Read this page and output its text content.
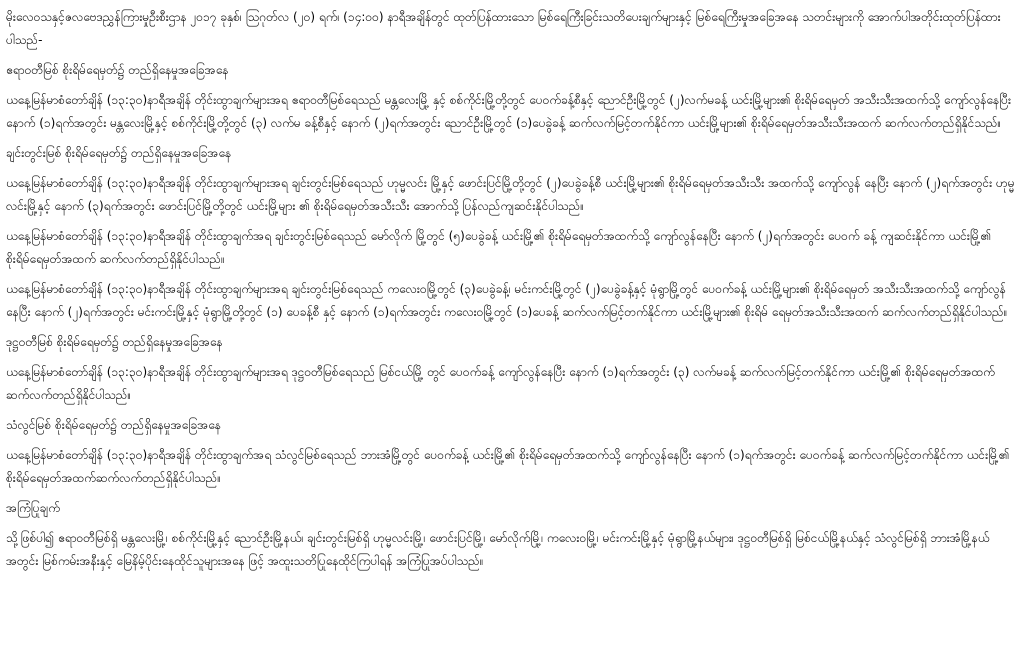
မိုးလေဝသနှင့်ဇလဗေဒညွှန်ကြားမှုဦးစီးဌာန ၂၀၁၇ ခုနှစ်၊ ဩဂုတ်လ (၂၀) ရက်၊ (၁၄:၀၀) နာရီအချိန်တွင် ထုတ်ပြန်ထားသော မြစ်ရေကြီးခြင်းသတိပေးချက်များနှင့် မြစ်ရေကြီးမှုအခြေအနေ သတင်းများကို အောက်ပါအတိုင်းထုတ်ပြန်ထားပါသည်-

ဧရာဝတီမြစ် စိုးရိမ်ရေမှတ်၌ တည်ရှိနေမှုအခြေအနေ

ယနေ့မြန်မာစံတော်ချိန် (၁၃:၃၀)နာရီအချိန် တိုင်းထွာချက်များအရ ဧရာဝတီမြစ်ရေသည် မန္တလေးမြို့ နှင့် စစ်ကိုင်းမြို့တို့တွင် ပေ၀က်ခန့်စီနှင့် ညောင်ဦးမြို့တွင် (၂)လက်မခန့် ယင်းမြို့များ၏ စိုးရိမ်ရေမှတ် အသီးသီးအထက်သို့ ကျော်လွန်နေပြီး နောက် (၁)ရက်အတွင်း မန္တလေးမြို့နှင့် စစ်ကိုင်းမြို့တို့တွင် (၃) လက်မ ခန့်စီနှင့် နောက် (၂)ရက်အတွင်း ညောင်ဦးမြို့တွင် (၁)ပေခွဲခန့် ဆက်လက်မြင့်တက်နိုင်ကာ ယင်းမြို့များ၏ စိုးရိမ်ရေမှတ်အသီးသီးအထက် ဆက်လက်တည်ရှိနိုင်သည်။

ချင်းတွင်းမြစ် စိုးရိမ်ရေမှတ်၌ တည်ရှိနေမှုအခြေအနေ

ယနေ့မြန်မာစံတော်ချိန် (၁၃:၃၀)နာရီအချိန် တိုင်းထွာချက်များအရ ချင်းတွင်းမြစ်ရေသည် ဟုမ္မလင်း မြို့နှင့် ဖောင်းပြင်မြို့တို့တွင် (၂)ပေခွဲခန့်စီ ယင်းမြို့များ၏ စိုးရိမ်ရေမှတ်အသီးသီး အထက်သို့ ကျော်လွန် နေပြီး နောက် (၂)ရက်အတွင်း ဟုမ္မလင်းမြို့နှင့် နောက် (၃)ရက်အတွင်း ဖောင်းပြင်မြို့တို့တွင် ယင်းမြို့များ ၏ စိုးရိမ်ရေမှတ်အသီးသီး အောက်သို့ ပြန်လည်ကျဆင်းနိုင်ပါသည်။

ယနေ့မြန်မာစံတော်ချိန် (၁၃:၃၀)နာရီအချိန် တိုင်းထွာချက်အရ ချင်းတွင်းမြစ်ရေသည် မော်လိုက် မြို့တွင် (၅)ပေခွဲခန့် ယင်းမြို့၏ စိုးရိမ်ရေမှတ်အထက်သို့ ကျော်လွန်နေပြီး နောက် (၂)ရက်အတွင်း ပေ၀က် ခန့် ကျဆင်းနိုင်ကာ ယင်းမြို့၏ စိုးရိမ်ရေမှတ်အထက် ဆက်လက်တည်ရှိနိုင်ပါသည်။

ယနေ့မြန်မာစံတော်ချိန် (၁၃:၃၀)နာရီအချိန် တိုင်းထွာချက်များအရ ချင်းတွင်းမြစ်ရေသည် ကလေးဝမြို့တွင် (၃)ပေခွဲခန့်၊ မင်းကင်းမြို့တွင် (၂)ပေခွဲခန့်နှင့် မုံရွာမြို့တွင် ပေ၀က်ခန့် ယင်းမြို့များ၏ စိုးရိမ်ရေမှတ် အသီးသီးအထက်သို့ ကျော်လွန်နေပြီး နောက် (၂)ရက်အတွင်း မင်းကင်းမြို့နှင့် မုံရွာမြို့တို့တွင် (၁) ပေခန့်စီ နှင့် နောက် (၁)ရက်အတွင်း ကလေးဝမြို့တွင် (၁)ပေခန့် ဆက်လက်မြင့်တက်နိုင်ကာ ယင်းမြို့များ၏ စိုးရိမ် ရေမှတ်အသီးသီးအထက် ဆက်လက်တည်ရှိနိုင်ပါသည်။

ဒုဋ္ဌဝတီမြစ် စိုးရိမ်ရေမှတ်၌ တည်ရှိနေမှုအခြေအနေ

ယနေ့မြန်မာစံတော်ချိန် (၁၃:၃၀)နာရီအချိန် တိုင်းထွာချက်များအရ ဒုဋ္ဌဝတီမြစ်ရေသည် မြစ်ငယ်မြို့ တွင် ပေ၀က်ခန့် ကျော်လွန်နေပြီး နောက် (၁)ရက်အတွင်း (၃) လက်မခန့် ဆက်လက်မြင့်တက်နိုင်ကာ ယင်းမြို့၏ စိုးရိမ်ရေမှတ်အထက် ဆက်လက်တည်ရှိနိုင်ပါသည်။

သံလွင်မြစ် စိုးရိမ်ရေမှတ်၌ တည်ရှိနေမှုအခြေအနေ

ယနေ့မြန်မာစံတော်ချိန် (၁၃:၃၀)နာရီအချိန် တိုင်းထွာချက်အရ သံလွင်မြစ်ရေသည် ဘားအံမြို့တွင် ပေ၀က်ခန့် ယင်းမြို့၏ စိုးရိမ်ရေမှတ်အထက်သို့ ကျော်လွန်နေပြီး နောက် (၁)ရက်အတွင်း ပေ၀က်ခန့် ဆက်လက်မြင့်တက်နိုင်ကာ ယင်းမြို့၏ စိုးရိမ်ရေမှတ်အထက်ဆက်လက်တည်ရှိနိုင်ပါသည်။

အကြံပြုချက်

သို့ဖြစ်ပါ၍ ဧရာဝတီမြစ်ရှိ မန္တလေးမြို့၊ စစ်ကိုင်းမြို့နှင့် ညောင်ဦးမြို့နယ်၊ ချင်းတွင်းမြစ်ရှိ ဟုမ္မလင်းမြို့၊ ဖောင်းပြင်မြို့၊ မော်လိုက်မြို့၊ ကလေးဝမြို့၊ မင်းကင်းမြို့နှင့် မုံရွာမြို့နယ်များ၊ ဒုဋ္ဌဝတီမြစ်ရှိ မြစ်ငယ်မြို့နယ်နှင့် သံလွင်မြစ်ရှိ ဘားအံမြို့နယ်အတွင်း မြစ်ကမ်းအနီးနှင့် မြေနိမ့်ပိုင်းနေထိုင်သူများအနေ ဖြင့် အထူးသတိပြုနေထိုင်ကြပါရန် အကြံပြုအပ်ပါသည်။
